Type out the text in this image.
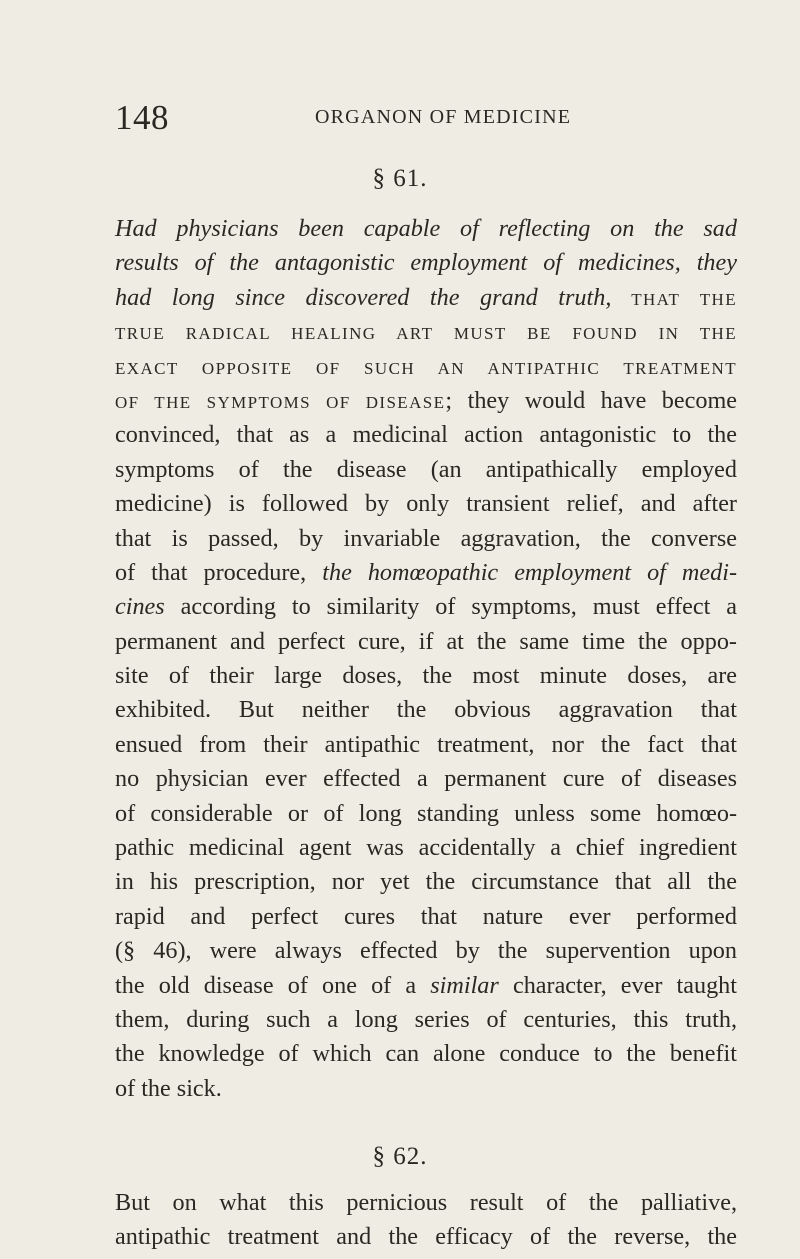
148	ORGANON OF MEDICINE
§ 61.
Had physicians been capable of reflecting on the sad
results of the antagonistic employment of medicines, they
had long since discovered the grand truth, THAT THE
TRUE RADICAL HEALING ART MUST BE FOUND IN THE
EXACT OPPOSITE OF SUCH AN ANTIPATHIC TREATMENT
OF THE SYMPTOMS OF DISEASE; they would have become
convinced, that as a medicinal action antagonistic to the
symptoms of the disease (an antipathically employed
medicine) is followed by only transient relief, and after
that is passed, by invariable aggravation, the converse
of that procedure, the homœopathic employment of medi-
cines according to similarity of symptoms, must effect a
permanent and perfect cure, if at the same time the oppo-
site of their large doses, the most minute doses, are
exhibited. But neither the obvious aggravation that
ensued from their antipathic treatment, nor the fact that
no physician ever effected a permanent cure of diseases
of considerable or of long standing unless some homœo-
pathic medicinal agent was accidentally a chief ingredient
in his prescription, nor yet the circumstance that all the
rapid and perfect cures that nature ever performed
(§ 46), were always effected by the supervention upon
the old disease of one of a similar character, ever taught
them, during such a long series of centuries, this truth,
the knowledge of which can alone conduce to the benefit
of the sick.
§ 62.
But on what this pernicious result of the palliative,
antipathic treatment and the efficacy of the reverse, the
